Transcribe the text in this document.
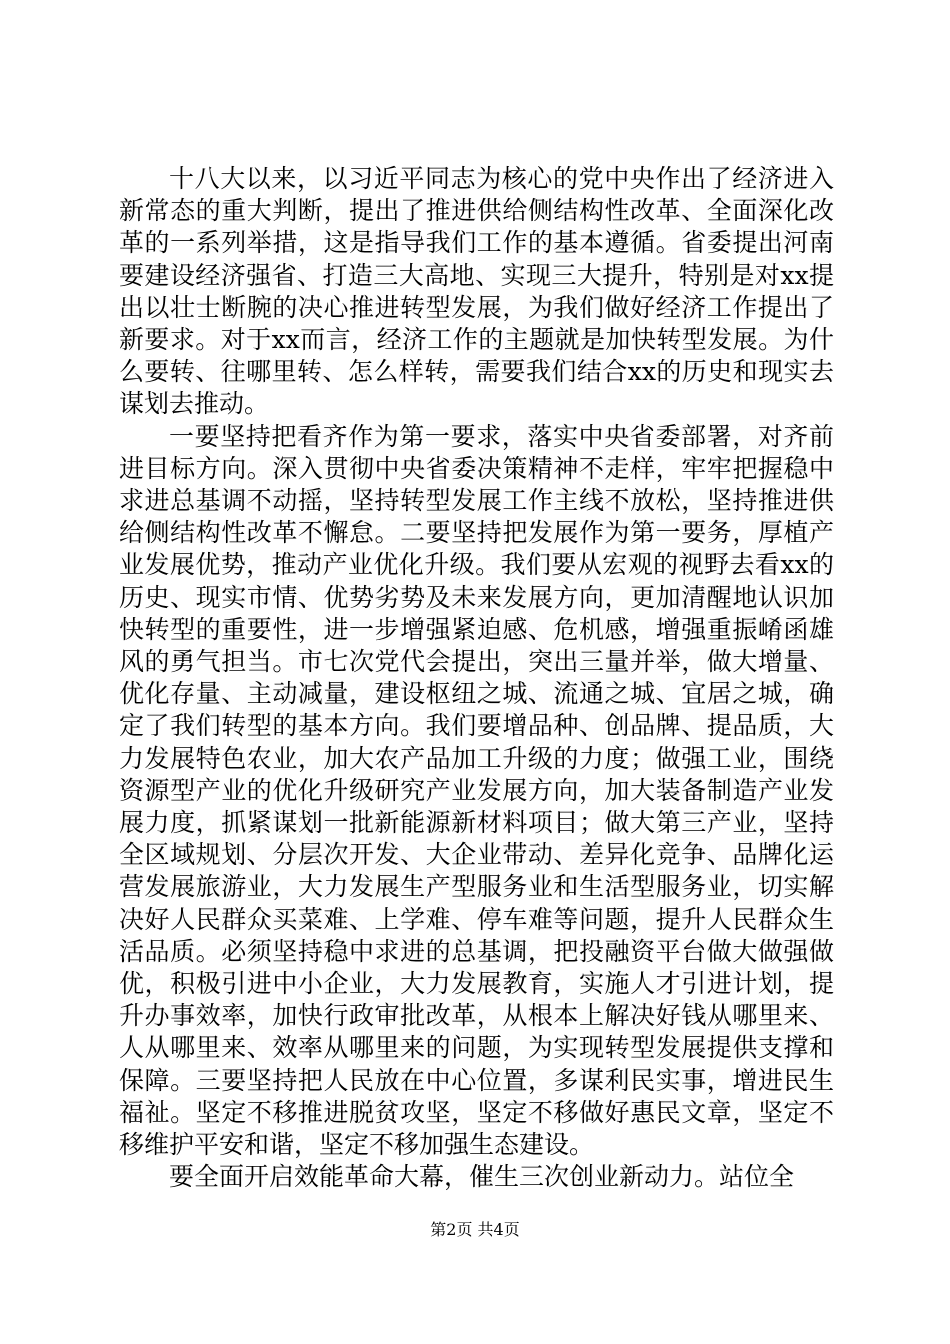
十八大以来，以习近平同志为核心的党中央作出了经济进入新常态的重大判断，提出了推进供给侧结构性改革、全面深化改革的一系列举措，这是指导我们工作的基本遵循。省委提出河南要建设经济强省、打造三大高地、实现三大提升，特别是对xx提出以壮士断腕的决心推进转型发展，为我们做好经济工作提出了新要求。对于xx而言，经济工作的主题就是加快转型发展。为什么要转、往哪里转、怎么样转，需要我们结合xx的历史和现实去谋划去推动。

一要坚持把看齐作为第一要求，落实中央省委部署，对齐前进目标方向。深入贯彻中央省委决策精神不走样，牢牢把握稳中求进总基调不动摇，坚持转型发展工作主线不放松，坚持推进供给侧结构性改革不懈怠。二要坚持把发展作为第一要务，厚植产业发展优势，推动产业优化升级。我们要从宏观的视野去看xx的历史、现实市情、优势劣势及未来发展方向，更加清醒地认识加快转型的重要性，进一步增强紧迫感、危机感，增强重振崤函雄风的勇气担当。市七次党代会提出，突出三量并举，做大增量、优化存量、主动减量，建设枢纽之城、流通之城、宜居之城，确定了我们转型的基本方向。我们要增品种、创品牌、提品质，大力发展特色农业，加大农产品加工升级的力度；做强工业，围绕资源型产业的优化升级研究产业发展方向，加大装备制造产业发展力度，抓紧谋划一批新能源新材料项目；做大第三产业，坚持全区域规划、分层次开发、大企业带动、差异化竞争、品牌化运营发展旅游业，大力发展生产型服务业和生活型服务业，切实解决好人民群众买菜难、上学难、停车难等问题，提升人民群众生活品质。必须坚持稳中求进的总基调，把投融资平台做大做强做优，积极引进中小企业，大力发展教育，实施人才引进计划，提升办事效率，加快行政审批改革，从根本上解决好钱从哪里来、人从哪里来、效率从哪里来的问题，为实现转型发展提供支撑和保障。三要坚持把人民放在中心位置，多谋利民实事，增进民生福祉。坚定不移推进脱贫攻坚，坚定不移做好惠民文章，坚定不移维护平安和谐，坚定不移加强生态建设。

要全面开启效能革命大幕，催生三次创业新动力。站位全

第2页 共4页
